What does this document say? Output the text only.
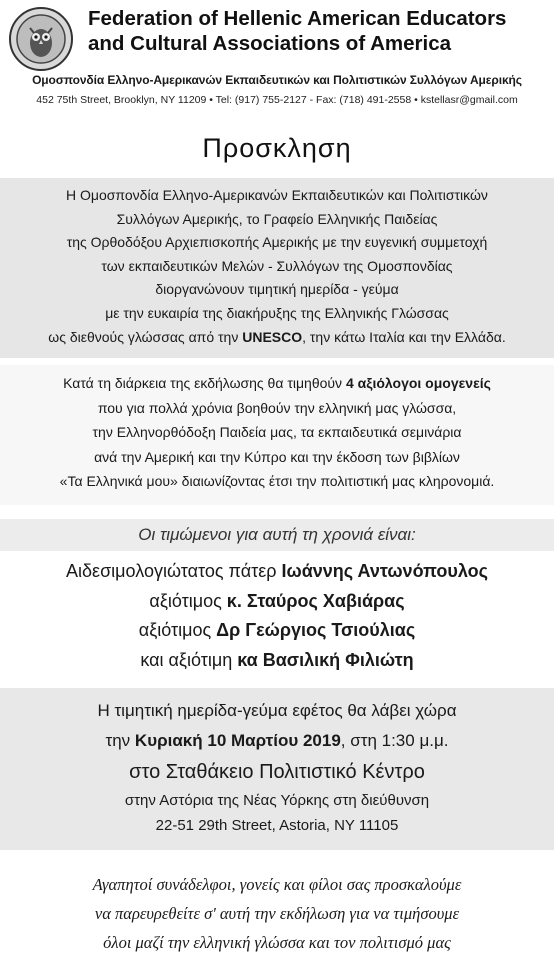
Federation of Hellenic American Educators
and Cultural Associations of America
Ομοσπονδία Ελληνο-Αμερικανών Εκπαιδευτικών και Πολιτιστικών Συλλόγων Αμερικής
452 75th Street, Brooklyn, NY 11209 • Tel: (917) 755-2127 - Fax: (718) 491-2558 • kstellasr@gmail.com
Πρoσκληση
Η Ομοσπονδία Ελληνο-Αμερικανών Εκπαιδευτικών και Πολιτιστικών
Συλλόγων Αμερικής, το Γραφείο Ελληνικής Παιδείας
της Ορθοδόξου Αρχιεπισκοπής Αμερικής με την ευγενική συμμετοχή
των εκπαιδευτικών Μελών - Συλλόγων της Ομοσπονδίας
διοργανώνουν τιμητική ημερίδα - γεύμα
με την ευκαιρία της διακήρυξης της Ελληνικής Γλώσσας
ως διεθνούς γλώσσας από την UNESCO, την κάτω Ιταλία και την Ελλάδα.
Κατά τη διάρκεια της εκδήλωσης θα τιμηθούν 4 αξιόλογοι ομογενείς
που για πολλά χρόνια βοηθούν την ελληνική μας γλώσσα,
την Ελληνορθόδοξη Παιδεία μας, τα εκπαιδευτικά σεμινάρια
ανά την Αμερική και την Κύπρο και την έκδοση των βιβλίων
«Τα Ελληνικά μου» διαιωνίζοντας έτσι την πολιτιστική μας κληρονομιά.
Οι τιμώμενοι για αυτή τη χρονιά είναι:
Αιδεσιμολογιώτατος πάτερ Ιωάννης Αντωνόπουλος
αξιότιμος κ. Σταύρος Χαβιάρας
αξιότιμος Δρ Γεώργιος Τσιούλιας
και αξιότιμη κα Βασιλική Φιλιώτη
Η τιμητική ημερίδα-γεύμα εφέτος θα λάβει χώρα
την Κυριακή 10 Μαρτίου 2019, στη 1:30 μ.μ.
στο Σταθάκειο Πολιτιστικό Κέντρο
στην Αστόρια της Νέας Υόρκης στη διεύθυνση
22-51 29th Street, Astoria, NY 11105
Αγαπητοί συνάδελφοι, γονείς και φίλοι σας προσκαλούμε
να παρευρεθείτε σ' αυτή την εκδήλωση για να τιμήσουμε
όλοι μαζί την ελληνική γλώσσα και τον πολιτισμό μας
